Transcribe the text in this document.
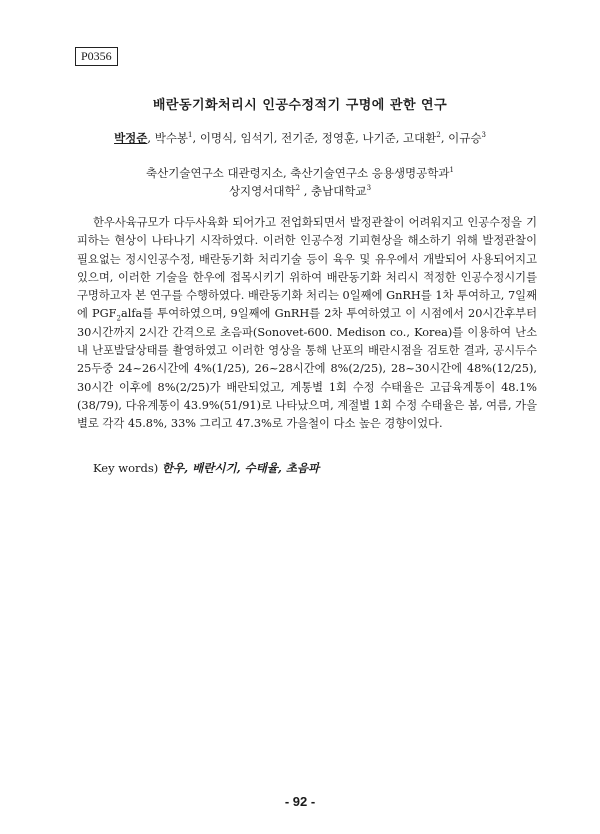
P0356
배란동기화처리시 인공수정적기 구명에 관한 연구
박정준, 박수봉$^1$, 이명식, 임석기, 전기준, 정영훈, 나기준, 고대환$^2$, 이규승$^3$
축산기술연구소 대관령지소, 축산기술연구소 응용생명공학과$^1$
상지영서대학$^2$ , 충남대학교$^3$

한우사육규모가 다두사육화 되어가고 전업화되면서 발정관찰이 어려워지고 인공수정을 기피하는 현상이 나타나기 시작하였다. 이러한 인공수정 기피현상을 해소하기 위해 발정관찰이 필요없는 정시인공수정, 배란동기화 처리기술 등이 육우 및 유우에서 개발되어 사용되어지고 있으며, 이러한 기술을 한우에 접목시키기 위하여 배란동기화 처리시 적정한 인공수정시기를 구명하고자 본 연구를 수행하였다. 배란동기화 처리는 0일째에 GnRH를 1차 투여하고, 7일째에 $PGF_2alfa$를 투여하였으며, 9일째에 GnRH를 2차 투여하였고 이 시점에서 20시간후부터 30시간까지 2시간 간격으로 초음파(Sonovet-600. Medison co., Korea)를 이용하여 난소내 난포발달상태를 촬영하였고 이러한 영상을 통해 난포의 배란시점을 검토한 결과, 공시두수 25두중 24~26시간에 4%(1/25), 26~28시간에 8%(2/25), 28~30시간에 48%(12/25), 30시간 이후에 8%(2/25)가 배란되었고, 계통별 1회 수정 수태율은 고급육계통이 48.1%(38/79), 다유계통이 43.9%(51/91)로 나타났으며, 계절별 1회 수정 수태율은 봄, 여름, 가을 별로 각각 45.8%, 33% 그리고 47.3%로 가을철이 다소 높은 경향이었다.

Key words) 한우, 배란시기, 수태율, 초음파
- 92 -
